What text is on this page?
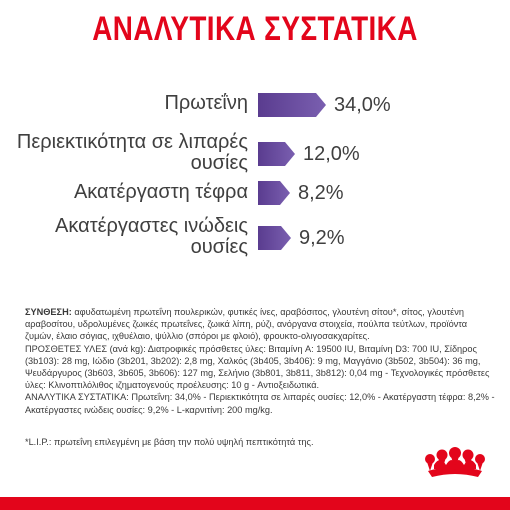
ΑΝΑΛΥΤΙΚΑ ΣΥΣΤΑΤΙΚΑ
Πρωτεΐνη	34,0%
Περιεκτικότητα σε λιπαρές ουσίες	12,0%
Ακατέργαστη τέφρα	8,2%
Ακατέργαστες ινώδεις ουσίες	9,2%

ΣΥΝΘΕΣΗ: αφυδατωμένη πρωτεΐνη πουλερικών, φυτικές ίνες, αραβόσιτος, γλουτένη σίτου*, σίτος, γλουτένη αραβοσίτου, υδρολυμένες ζωικές πρωτεΐνες, ζωικά λίπη, ρύζι, ανόργανα στοιχεία, πούλπα τεύτλων, προϊόντα ζυμών, έλαιο σόγιας, ιχθυέλαιο, ψύλλιο (σπόροι με φλοιό), φρουκτο-ολιγοσακχαρίτες.

ΠΡΟΣΘΕΤΕΣ ΥΛΕΣ (ανά kg): Διατροφικές πρόσθετες ύλες: Βιταμίνη A: 19500 IU, Βιταμίνη D3: 700 IU, Σίδηρος (3b103): 28 mg, Ιώδιο (3b201, 3b202): 2,8 mg, Χαλκός (3b405, 3b406): 9 mg, Μαγγάνιο (3b502, 3b504): 36 mg, Ψευδάργυρος (3b603, 3b605, 3b606): 127 mg, Σελήνιο (3b801, 3b811, 3b812): 0,04 mg - Τεχνολογικές πρόσθετες ύλες: Κλινοπτιλόλιθος ιζηματογενούς προέλευσης: 10 g - Αντιοξειδωτικά.

ΑΝΑΛΥΤΙΚΑ ΣΥΣΤΑΤΙΚΑ: Πρωτεΐνη: 34,0% - Περιεκτικότητα σε λιπαρές ουσίες: 12,0% - Ακατέργαστη τέφρα: 8,2% - Ακατέργαστες ινώδεις ουσίες: 9,2% - L-καρνιτίνη: 200 mg/kg.

*L.I.P.: πρωτεΐνη επιλεγμένη με βάση την πολύ υψηλή πεπτικότητά της.
